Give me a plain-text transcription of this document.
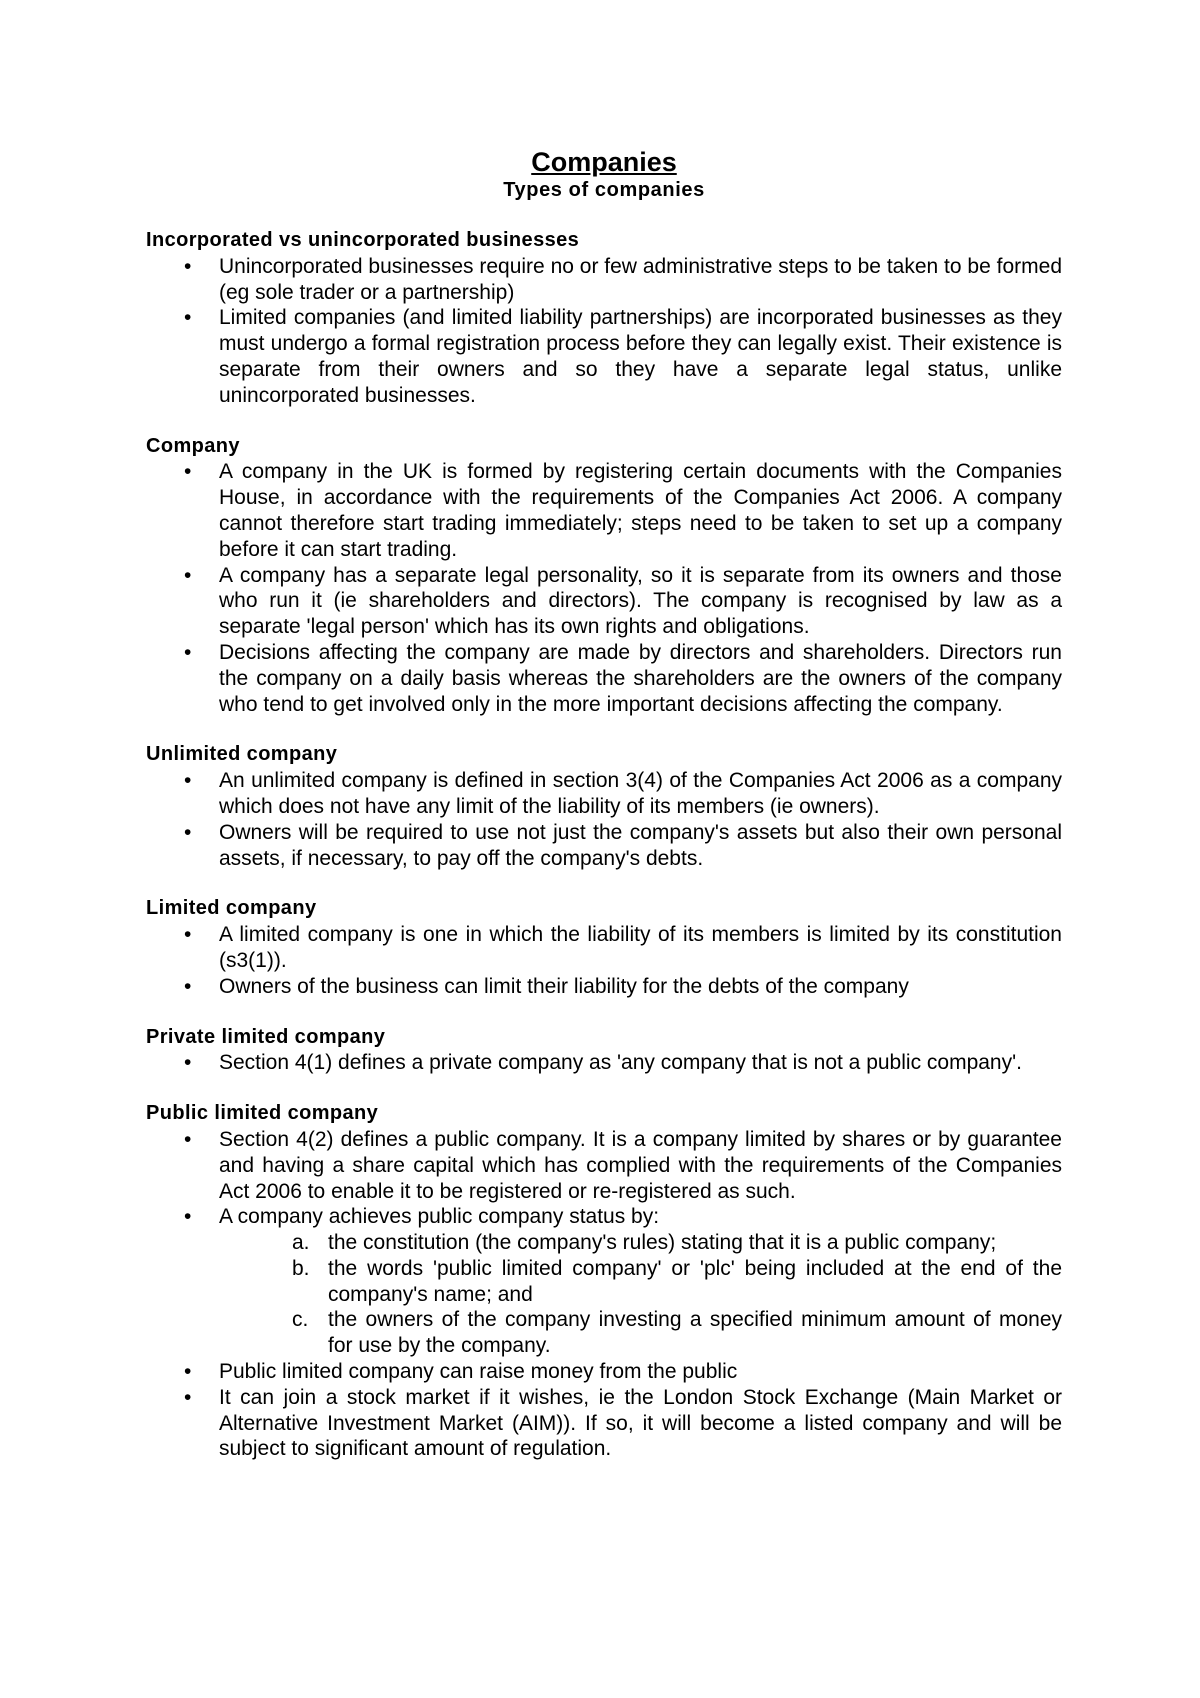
Companies
Types of companies
Incorporated vs unincorporated businesses
• Unincorporated businesses require no or few administrative steps to be taken to be formed (eg sole trader or a partnership)
• Limited companies (and limited liability partnerships) are incorporated businesses as they must undergo a formal registration process before they can legally exist. Their existence is separate from their owners and so they have a separate legal status, unlike unincorporated businesses.
Company
• A company in the UK is formed by registering certain documents with the Companies House, in accordance with the requirements of the Companies Act 2006. A company cannot therefore start trading immediately; steps need to be taken to set up a company before it can start trading.
• A company has a separate legal personality, so it is separate from its owners and those who run it (ie shareholders and directors). The company is recognised by law as a separate 'legal person' which has its own rights and obligations.
• Decisions affecting the company are made by directors and shareholders. Directors run the company on a daily basis whereas the shareholders are the owners of the company who tend to get involved only in the more important decisions affecting the company.
Unlimited company
• An unlimited company is defined in section 3(4) of the Companies Act 2006 as a company which does not have any limit of the liability of its members (ie owners).
• Owners will be required to use not just the company's assets but also their own personal assets, if necessary, to pay off the company's debts.
Limited company
• A limited company is one in which the liability of its members is limited by its constitution (s3(1)).
• Owners of the business can limit their liability for the debts of the company
Private limited company
• Section 4(1) defines a private company as 'any company that is not a public company'.
Public limited company
• Section 4(2) defines a public company. It is a company limited by shares or by guarantee and having a share capital which has complied with the requirements of the Companies Act 2006 to enable it to be registered or re-registered as such.
• A company achieves public company status by:
a. the constitution (the company's rules) stating that it is a public company;
b. the words 'public limited company' or 'plc' being included at the end of the company's name; and
c. the owners of the company investing a specified minimum amount of money for use by the company.
• Public limited company can raise money from the public
• It can join a stock market if it wishes, ie the London Stock Exchange (Main Market or Alternative Investment Market (AIM)). If so, it will become a listed company and will be subject to significant amount of regulation.
